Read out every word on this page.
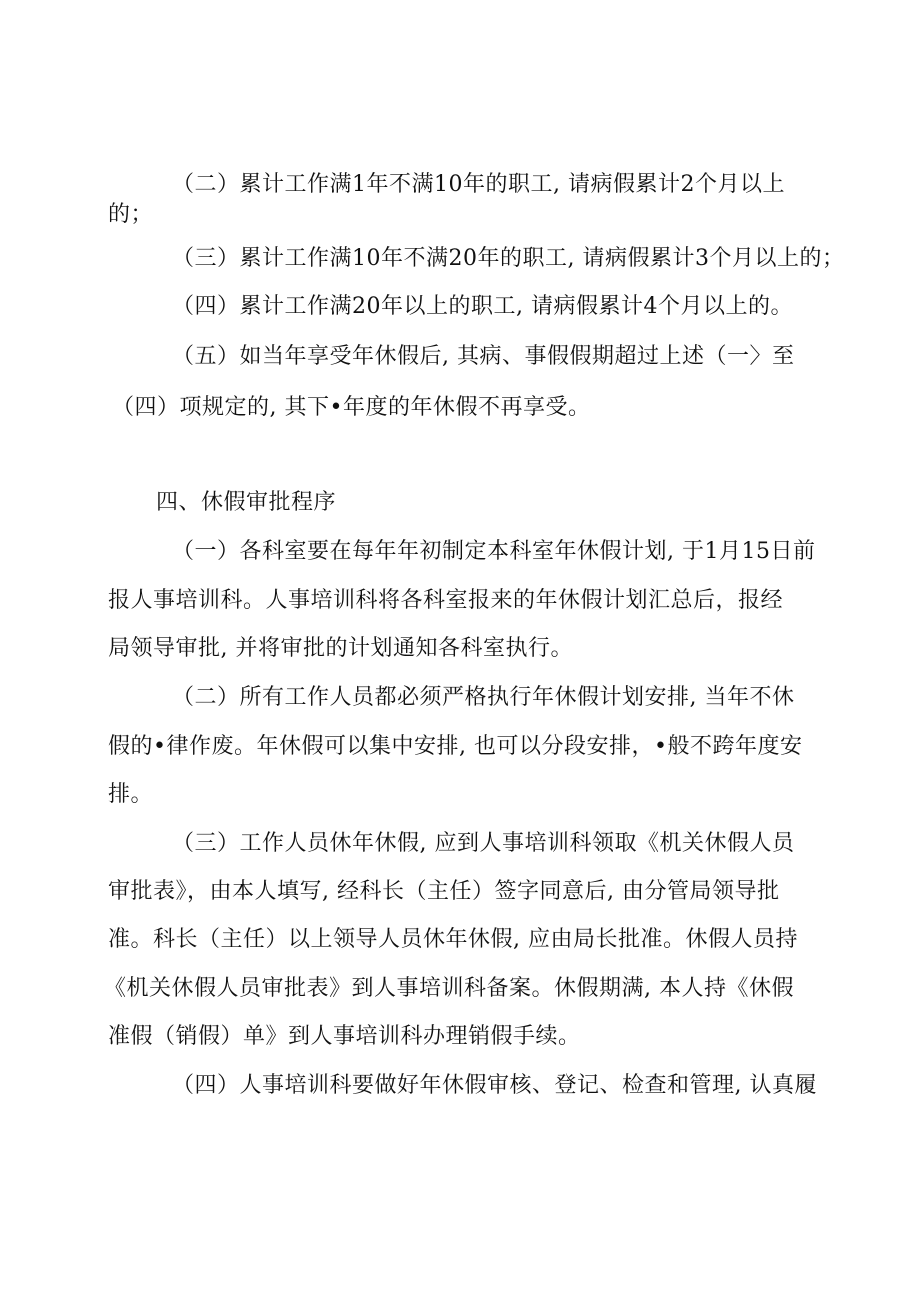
（二）累计工作满1年不满10年的职工, 请病假累计2个月以上
的；
（三）累计工作满10年不满20年的职工, 请病假累计3个月以上的；
（四）累计工作满20年以上的职工, 请病假累计4个月以上的。
（五）如当年享受年休假后, 其病、事假假期超过上述（一〉至
（四）项规定的, 其下•年度的年休假不再享受。
四、休假审批程序
（一）各科室要在每年年初制定本科室年休假计划, 于1月15日前
报人事培训科。人事培训科将各科室报来的年休假计划汇总后，报经
局领导审批, 并将审批的计划通知各科室执行。
（二）所有工作人员都必须严格执行年休假计划安排, 当年不休
假的•律作废。年休假可以集中安排, 也可以分段安排，•般不跨年度安
排。
（三）工作人员休年休假, 应到人事培训科领取《机关休假人员
审批表》，由本人填写, 经科长（主任）签字同意后, 由分管局领导批
准。科长（主任）以上领导人员休年休假, 应由局长批准。休假人员持
《机关休假人员审批表》到人事培训科备案。休假期满, 本人持《休假
准假（销假）单》到人事培训科办理销假手续。
（四）人事培训科要做好年休假审核、登记、检查和管理, 认真履
